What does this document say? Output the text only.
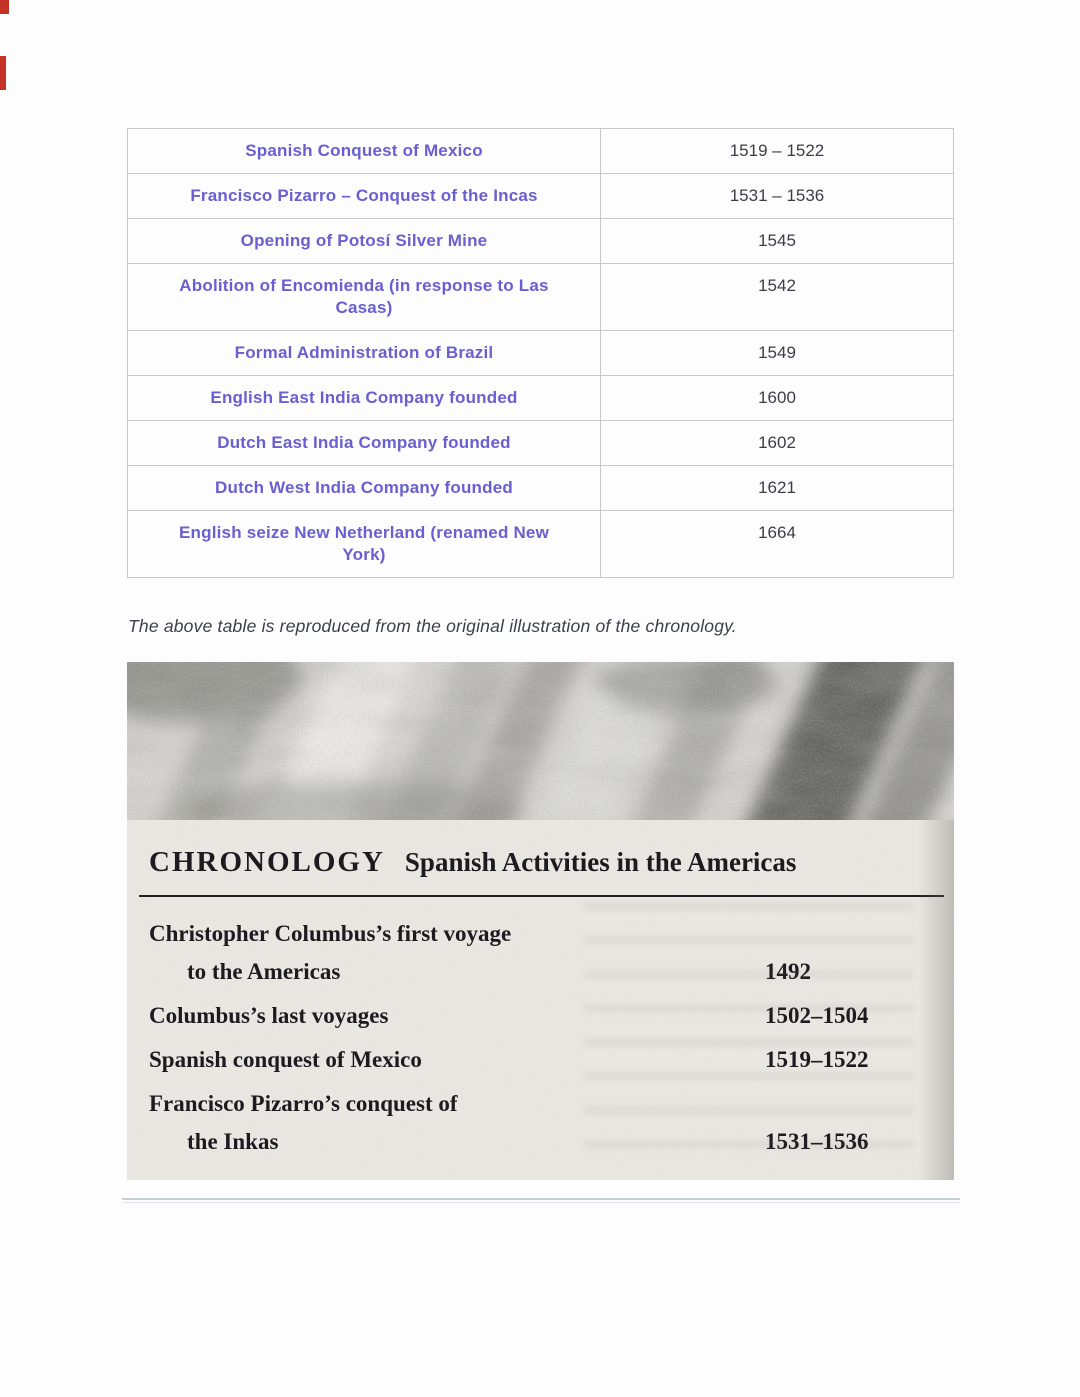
Spanish Conquest of Mexico	1519 – 1522
Francisco Pizarro – Conquest of the Incas	1531 – 1536
Opening of Potosí Silver Mine	1545
Abolition of Encomienda (in response to Las Casas)	1542
Formal Administration of Brazil	1549
English East India Company founded	1600
Dutch East India Company founded	1602
Dutch West India Company founded	1621
English seize New Netherland (renamed New York)	1664

The above table is reproduced from the original illustration of the chronology.

CHRONOLOGY Spanish Activities in the Americas
Christopher Columbus’s first voyage
to the Americas	1492
Columbus’s last voyages	1502–1504
Spanish conquest of Mexico	1519–1522
Francisco Pizarro’s conquest of
the Inkas	1531–1536
